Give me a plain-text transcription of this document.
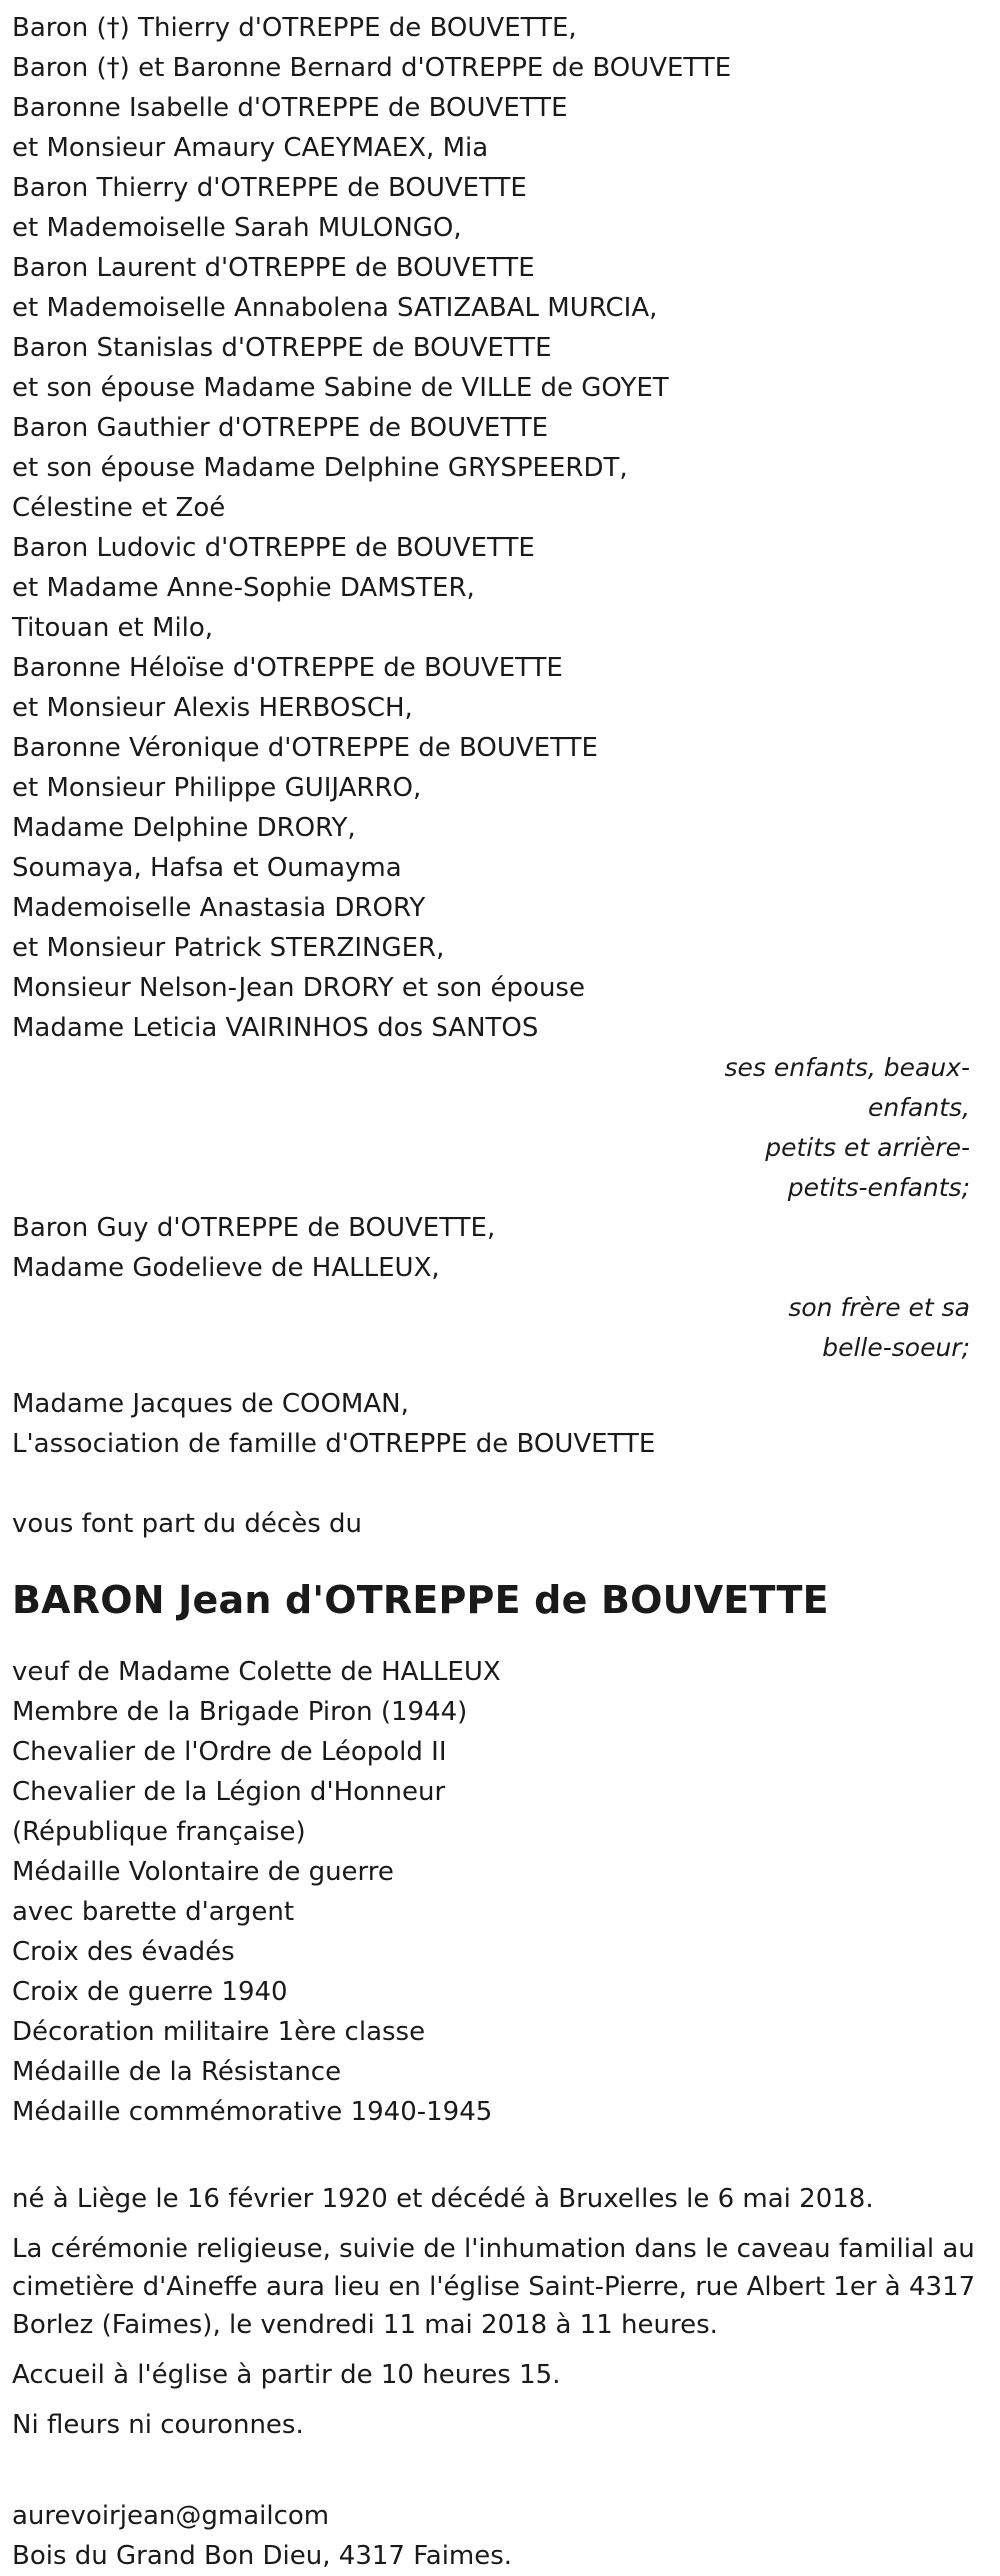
Baron (†) Thierry d'OTREPPE de BOUVETTE,
Baron (†) et Baronne Bernard d'OTREPPE de BOUVETTE
Baronne Isabelle d'OTREPPE de BOUVETTE
et Monsieur Amaury CAEYMAEX, Mia
Baron Thierry d'OTREPPE de BOUVETTE
et Mademoiselle Sarah MULONGO,
Baron Laurent d'OTREPPE de BOUVETTE
et Mademoiselle Annabolena SATIZABAL MURCIA,
Baron Stanislas d'OTREPPE de BOUVETTE
et son épouse Madame Sabine de VILLE de GOYET
Baron Gauthier d'OTREPPE de BOUVETTE
et son épouse Madame Delphine GRYSPEERDT,
Célestine et Zoé
Baron Ludovic d'OTREPPE de BOUVETTE
et Madame Anne-Sophie DAMSTER,
Titouan et Milo,
Baronne Héloïse d'OTREPPE de BOUVETTE
et Monsieur Alexis HERBOSCH,
Baronne Véronique d'OTREPPE de BOUVETTE
et Monsieur Philippe GUIJARRO,
Madame Delphine DRORY,
Soumaya, Hafsa et Oumayma
Mademoiselle Anastasia DRORY
et Monsieur Patrick STERZINGER,
Monsieur Nelson-Jean DRORY et son épouse
Madame Leticia VAIRINHOS dos SANTOS
ses enfants, beaux-
enfants,
petits et arrière-
petits-enfants;
Baron Guy d'OTREPPE de BOUVETTE,
Madame Godelieve de HALLEUX,
son frère et sa
belle-soeur;
Madame Jacques de COOMAN,
L'association de famille d'OTREPPE de BOUVETTE
vous font part du décès du
BARON Jean d'OTREPPE de BOUVETTE
veuf de Madame Colette de HALLEUX
Membre de la Brigade Piron (1944)
Chevalier de l'Ordre de Léopold II
Chevalier de la Légion d'Honneur
(République française)
Médaille Volontaire de guerre
avec barette d'argent
Croix des évadés
Croix de guerre 1940
Décoration militaire 1ère classe
Médaille de la Résistance
Médaille commémorative 1940-1945

né à Liège le 16 février 1920 et décédé à Bruxelles le 6 mai 2018.

La cérémonie religieuse, suivie de l'inhumation dans le caveau familial au cimetière d'Aineffe aura lieu en l'église Saint-Pierre, rue Albert 1er à 4317 Borlez (Faimes), le vendredi 11 mai 2018 à 11 heures.

Accueil à l'église à partir de 10 heures 15.

Ni fleurs ni couronnes.

aurevoirjean@gmailcom
Bois du Grand Bon Dieu, 4317 Faimes.
